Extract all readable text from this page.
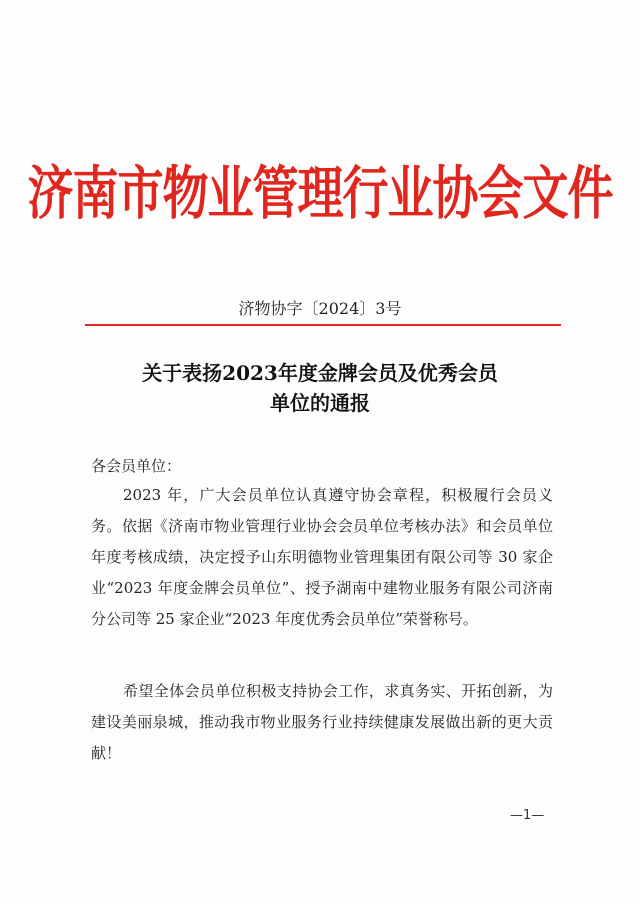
济南市物业管理行业协会文件
济物协字〔2024〕3号
关于表扬2023年度金牌会员及优秀会员
单位的通报
各会员单位：

2023 年，广大会员单位认真遵守协会章程，积极履行会员义务。依据《济南市物业管理行业协会会员单位考核办法》和会员单位年度考核成绩，决定授予山东明德物业管理集团有限公司等 30 家企业“2023 年度金牌会员单位”、授予湖南中建物业服务有限公司济南分公司等 25 家企业“2023 年度优秀会员单位”荣誉称号。

希望全体会员单位积极支持协会工作，求真务实、开拓创新，为建设美丽泉城，推动我市物业服务行业持续健康发展做出新的更大贡献！

—1—
